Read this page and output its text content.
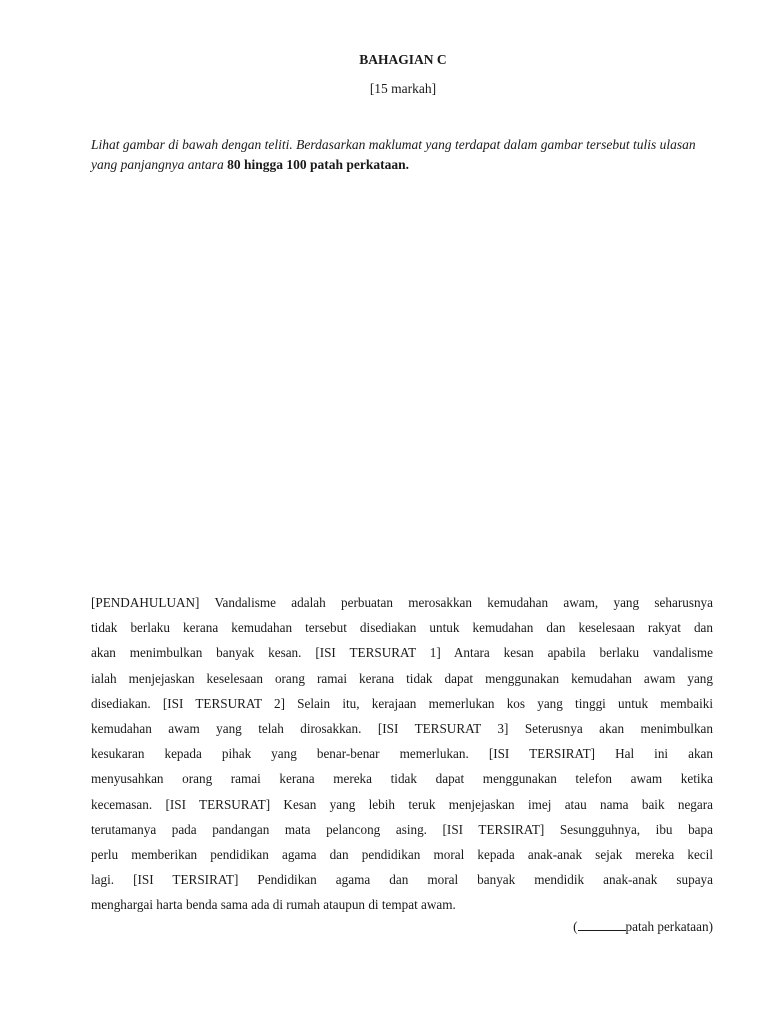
BAHAGIAN C

[15 markah]

Lihat gambar di bawah dengan teliti. Berdasarkan maklumat yang terdapat dalam gambar tersebut tulis ulasan yang panjangnya antara 80 hingga 100 patah perkataan.

[PENDAHULUAN] Vandalisme adalah perbuatan merosakkan kemudahan awam, yang seharusnya
tidak berlaku kerana kemudahan tersebut disediakan untuk kemudahan dan keselesaan rakyat dan
akan menimbulkan banyak kesan. [ISI TERSURAT 1] Antara kesan apabila berlaku vandalisme
ialah menjejaskan keselesaan orang ramai kerana tidak dapat menggunakan kemudahan awam yang
disediakan. [ISI TERSURAT 2] Selain itu, kerajaan memerlukan kos yang tinggi untuk membaiki
kemudahan awam yang telah dirosakkan. [ISI TERSURAT 3] Seterusnya akan menimbulkan
kesukaran kepada pihak yang benar-benar memerlukan. [ISI TERSIRAT] Hal ini akan
menyusahkan orang ramai kerana mereka tidak dapat menggunakan telefon awam ketika
kecemasan. [ISI TERSURAT] Kesan yang lebih teruk menjejaskan imej atau nama baik negara
terutamanya pada pandangan mata pelancong asing. [ISI TERSIRAT] Sesungguhnya, ibu bapa
perlu memberikan pendidikan agama dan pendidikan moral kepada anak-anak sejak mereka kecil
lagi. [ISI TERSIRAT] Pendidikan agama dan moral banyak mendidik anak-anak supaya
menghargai harta benda sama ada di rumah ataupun di tempat awam.

(	patah perkataan)
